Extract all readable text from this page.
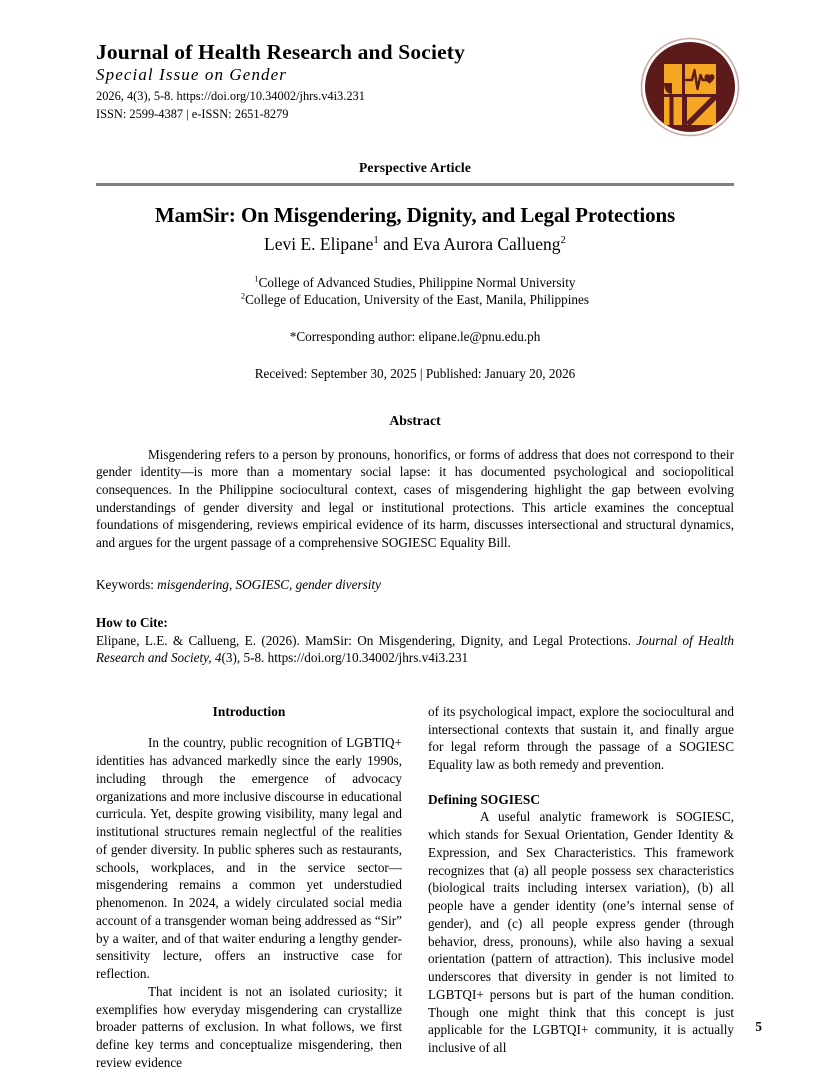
Journal of Health Research and Society
Special Issue on Gender
2026, 4(3), 5-8. https://doi.org/10.34002/jhrs.v4i3.231
ISSN: 2599-4387 | e-ISSN: 2651-8279
Perspective Article
MamSir: On Misgendering, Dignity, and Legal Protections
Levi E. Elipane$^1$ and Eva Aurora Callueng$^2$
$^1$College of Advanced Studies, Philippine Normal University
$^2$College of Education, University of the East, Manila, Philippines
*Corresponding author: elipane.le@pnu.edu.ph
Received: September 30, 2025 | Published: January 20, 2026
Abstract

Misgendering refers to a person by pronouns, honorifics, or forms of address that does not correspond to their gender identity—is more than a momentary social lapse: it has documented psychological and sociopolitical consequences. In the Philippine sociocultural context, cases of misgendering highlight the gap between evolving understandings of gender diversity and legal or institutional protections. This article examines the conceptual foundations of misgendering, reviews empirical evidence of its harm, discusses intersectional and structural dynamics, and argues for the urgent passage of a comprehensive SOGIESC Equality Bill.

Keywords: misgendering, SOGIESC, gender diversity
How to Cite:
Elipane, L.E. & Callueng, E. (2026). MamSir: On Misgendering, Dignity, and Legal Protections. Journal of Health Research and Society, 4(3), 5-8. https://doi.org/10.34002/jhrs.v4i3.231
Introduction

In the country, public recognition of LGBTIQ+ identities has advanced markedly since the early 1990s, including through the emergence of advocacy organizations and more inclusive discourse in educational curricula. Yet, despite growing visibility, many legal and institutional structures remain neglectful of the realities of gender diversity. In public spheres such as restaurants, schools, workplaces, and in the service sector—misgendering remains a common yet understudied phenomenon. In 2024, a widely circulated social media account of a transgender woman being addressed as “Sir” by a waiter, and of that waiter enduring a lengthy gender-sensitivity lecture, offers an instructive case for reflection.

That incident is not an isolated curiosity; it exemplifies how everyday misgendering can crystallize broader patterns of exclusion. In what follows, we first define key terms and conceptualize misgendering, then review evidence

of its psychological impact, explore the sociocultural and intersectional contexts that sustain it, and finally argue for legal reform through the passage of a SOGIESC Equality law as both remedy and prevention.

Defining SOGIESC

A useful analytic framework is SOGIESC, which stands for Sexual Orientation, Gender Identity & Expression, and Sex Characteristics. This framework recognizes that (a) all people possess sex characteristics (biological traits including intersex variation), (b) all people have a gender identity (one’s internal sense of gender), and (c) all people express gender (through behavior, dress, pronouns), while also having a sexual orientation (pattern of attraction). This inclusive model underscores that diversity in gender is not limited to LGBTQI+ persons but is part of the human condition. Though one might think that this concept is just applicable for the LGBTQI+ community, it is actually inclusive of all

5
